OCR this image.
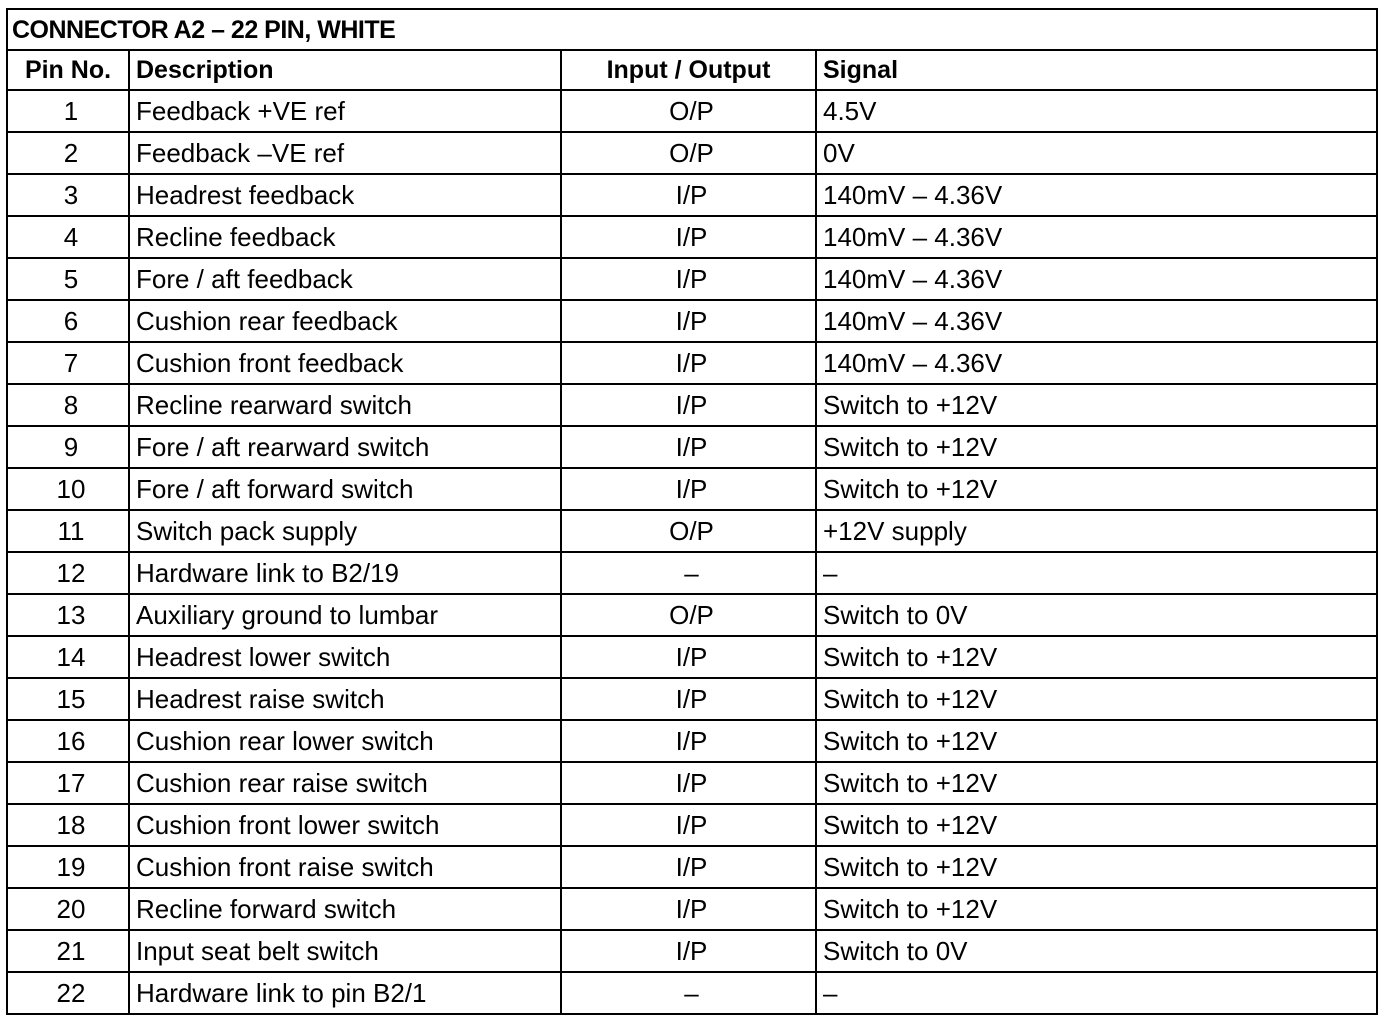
CONNECTOR A2 – 22 PIN, WHITE			
Pin No.	Description	Input / Output	Signal
1	Feedback +VE ref	O/P	4.5V
2	Feedback –VE ref	O/P	0V
3	Headrest feedback	I/P	140mV – 4.36V
4	Recline feedback	I/P	140mV – 4.36V
5	Fore / aft feedback	I/P	140mV – 4.36V
6	Cushion rear feedback	I/P	140mV – 4.36V
7	Cushion front feedback	I/P	140mV – 4.36V
8	Recline rearward switch	I/P	Switch to +12V
9	Fore / aft rearward switch	I/P	Switch to +12V
10	Fore / aft forward switch	I/P	Switch to +12V
11	Switch pack supply	O/P	+12V supply
12	Hardware link to B2/19	–	–
13	Auxiliary ground to lumbar	O/P	Switch to 0V
14	Headrest lower switch	I/P	Switch to +12V
15	Headrest raise switch	I/P	Switch to +12V
16	Cushion rear lower switch	I/P	Switch to +12V
17	Cushion rear raise switch	I/P	Switch to +12V
18	Cushion front lower switch	I/P	Switch to +12V
19	Cushion front raise switch	I/P	Switch to +12V
20	Recline forward switch	I/P	Switch to +12V
21	Input seat belt switch	I/P	Switch to 0V
22	Hardware link to pin B2/1	–	–
